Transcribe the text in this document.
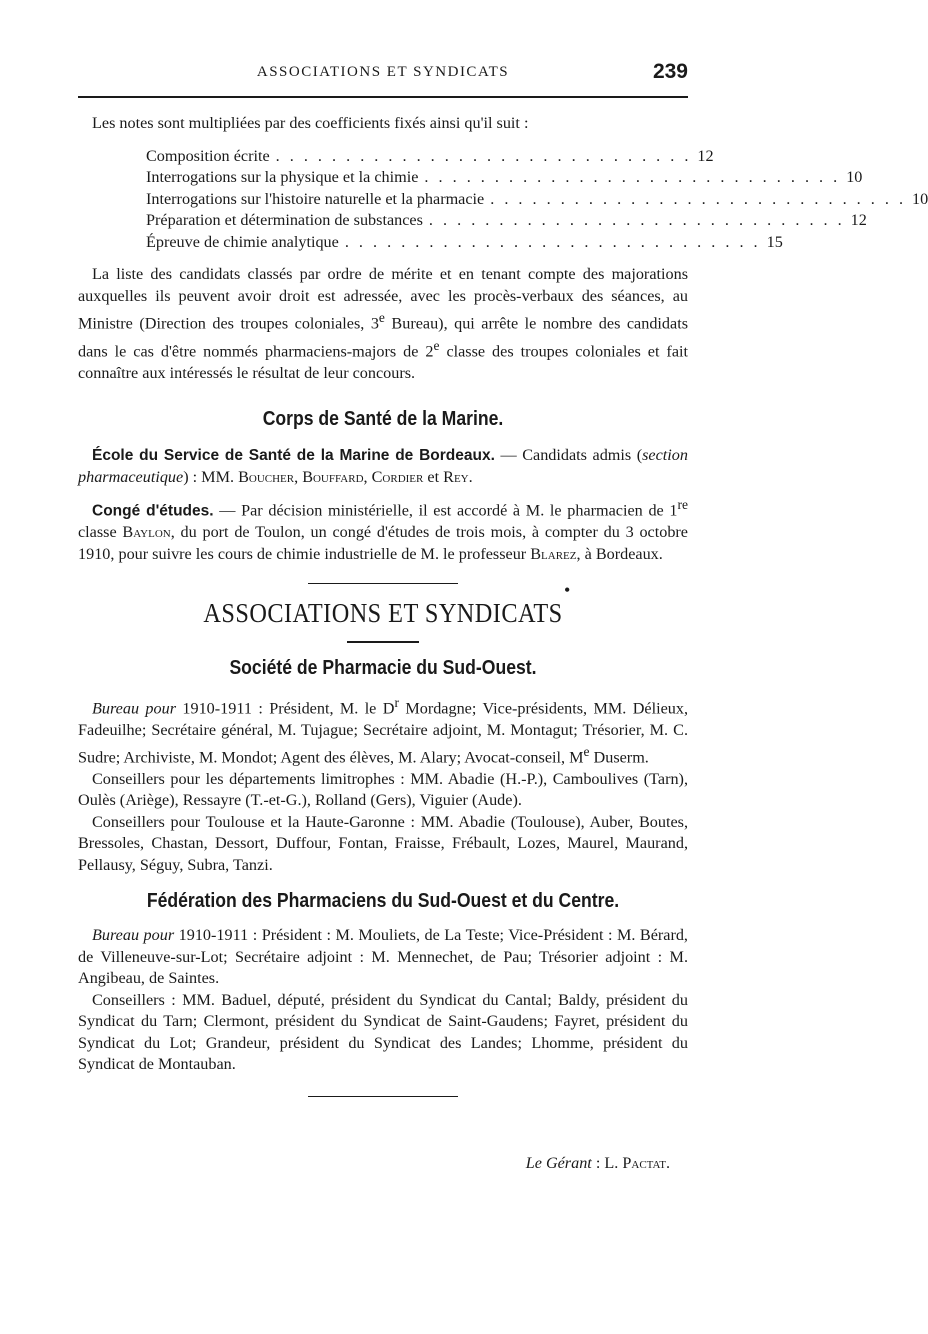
ASSOCIATIONS ET SYNDICATS	239

Les notes sont multipliées par des coefficients fixés ainsi qu'il suit :

Composition écrite . . . . . . . . . . . . . . . . . . . . . . . . . . . . . . 12
Interrogations sur la physique et la chimie . . . . . . . . . . . . . . . . . . . . . . . . . . . . . . 10
Interrogations sur l'histoire naturelle et la pharmacie . . . . . . . . . . . . . . . . . . . . . . . . . . . . . . 10
Préparation et détermination de substances . . . . . . . . . . . . . . . . . . . . . . . . . . . . . . 12
Épreuve de chimie analytique . . . . . . . . . . . . . . . . . . . . . . . . . . . . . . 15

La liste des candidats classés par ordre de mérite et en tenant compte des majorations auxquelles ils peuvent avoir droit est adressée, avec les procès-verbaux des séances, au Ministre (Direction des troupes coloniales, 3e Bureau), qui arrête le nombre des candidats dans le cas d'être nommés pharmaciens-majors de 2e classe des troupes coloniales et fait connaître aux intéressés le résultat de leur concours.

Corps de Santé de la Marine.

École du Service de Santé de la Marine de Bordeaux. — Candidats admis (section pharmaceutique) : MM. Boucher, Bouffard, Cordier et Rey.

Congé d'études. — Par décision ministérielle, il est accordé à M. le pharmacien de 1re classe Baylon, du port de Toulon, un congé d'études de trois mois, à compter du 3 octobre 1910, pour suivre les cours de chimie industrielle de M. le professeur Blarez, à Bordeaux.

•
ASSOCIATIONS ET SYNDICATS
Société de Pharmacie du Sud-Ouest.

Bureau pour 1910-1911 : Président, M. le $D^r$ Mordagne; Vice-présidents, MM. Délieux, Fadeuilhe; Secrétaire général, M. Tujague; Secrétaire adjoint, M. Montagut; Trésorier, M. C. Sudre; Archiviste, M. Mondot; Agent des élèves, M. Alary; Avocat-conseil, Me Duserm.

Conseillers pour les départements limitrophes : MM. Abadie (H.-P.), Camboulives (Tarn), Oulès (Ariège), Ressayre (T.-et-G.), Rolland (Gers), Viguier (Aude).

Conseillers pour Toulouse et la Haute-Garonne : MM. Abadie (Toulouse), Auber, Boutes, Bressoles, Chastan, Dessort, Duffour, Fontan, Fraisse, Frébault, Lozes, Maurel, Maurand, Pellausy, Séguy, Subra, Tanzi.

Fédération des Pharmaciens du Sud-Ouest et du Centre.

Bureau pour 1910-1911 : Président : M. Mouliets, de La Teste; Vice-Président : M. Bérard, de Villeneuve-sur-Lot; Secrétaire adjoint : M. Mennechet, de Pau; Trésorier adjoint : M. Angibeau, de Saintes.

Conseillers : MM. Baduel, député, président du Syndicat du Cantal; Baldy, président du Syndicat du Tarn; Clermont, président du Syndicat de Saint-Gaudens; Fayret, président du Syndicat du Lot; Grandeur, président du Syndicat des Landes; Lhomme, président du Syndicat de Montauban.

Le Gérant : L. Pactat.
